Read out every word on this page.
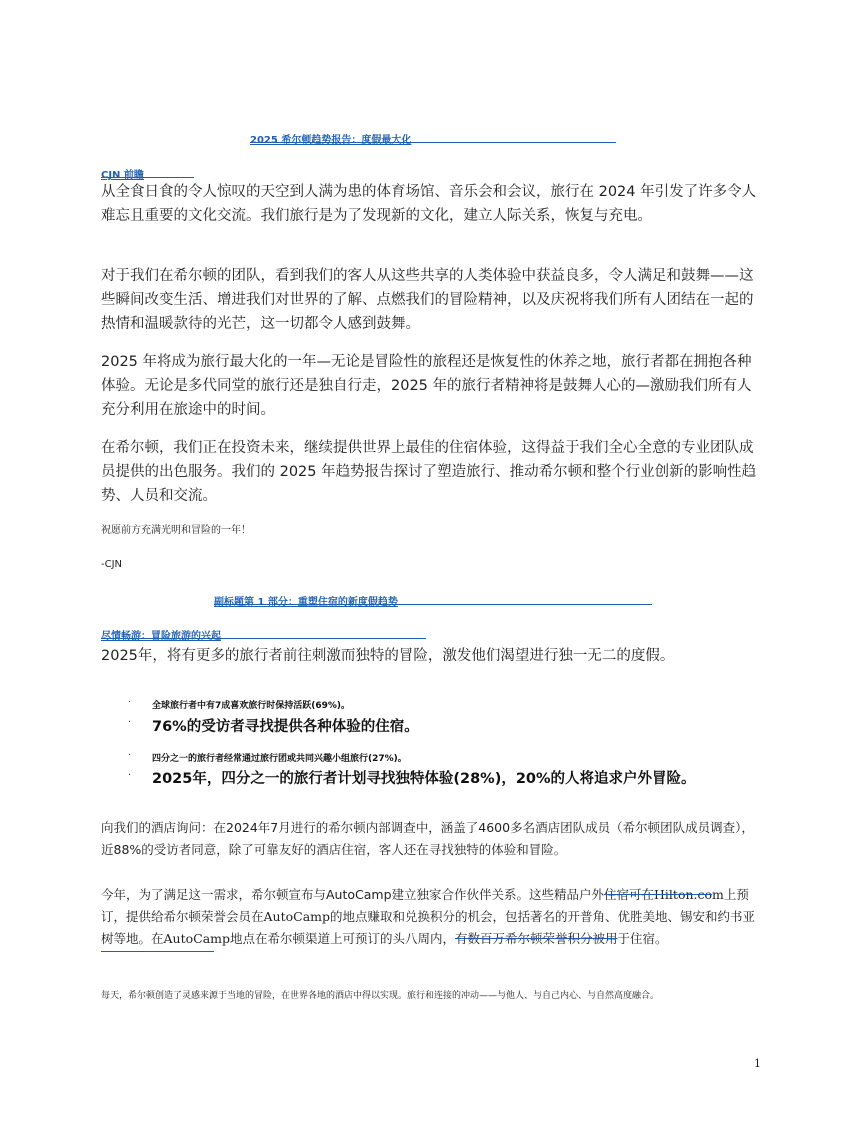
2025 希尔顿趋势报告：度假最大化
CJN 前瞻
从全食日食的令人惊叹的天空到人满为患的体育场馆、音乐会和会议，旅行在 2024 年引发了许多令人难忘且重要的文化交流。我们旅行是为了发现新的文化，建立人际关系，恢复与充电。
对于我们在希尔顿的团队，看到我们的客人从这些共享的人类体验中获益良多，令人满足和鼓舞——这些瞬间改变生活、增进我们对世界的了解、点燃我们的冒险精神，以及庆祝将我们所有人团结在一起的热情和温暖款待的光芒，这一切都令人感到鼓舞。
2025 年将成为旅行最大化的一年—无论是冒险性的旅程还是恢复性的休养之地，旅行者都在拥抱各种体验。无论是多代同堂的旅行还是独自行走，2025 年的旅行者精神将是鼓舞人心的—激励我们所有人充分利用在旅途中的时间。
在希尔顿，我们正在投资未来，继续提供世界上最佳的住宿体验，这得益于我们全心全意的专业团队成员提供的出色服务。我们的 2025 年趋势报告探讨了塑造旅行、推动希尔顿和整个行业创新的影响性趋势、人员和交流。
祝愿前方充满光明和冒险的一年！
-CJN
副标题第 1 部分：重塑住宿的新度假趋势
尽情畅游：冒险旅游的兴起
2025年，将有更多的旅行者前往刺激而独特的冒险，激发他们渴望进行独一无二的度假。
· 全球旅行者中有7成喜欢旅行时保持活跃(69%)。
· 76%的受访者寻找提供各种体验的住宿。
· 四分之一的旅行者经常通过旅行团或共同兴趣小组旅行(27%)。
· 2025年，四分之一的旅行者计划寻找独特体验(28%)，20%的人将追求户外冒险。
向我们的酒店询问：在2024年7月进行的希尔顿内部调查中，涵盖了4600多名酒店团队成员（希尔顿团队成员调查），近88%的受访者同意，除了可靠友好的酒店住宿，客人还在寻找独特的体验和冒险。
今年，为了满足这一需求，希尔顿宣布与AutoCamp建立独家合作伙伴关系。这些精品户外住宿可在Hilton.com上预订，提供给希尔顿荣誉会员在AutoCamp的地点赚取和兑换积分的机会，包括著名的开普角、优胜美地、锡安和约书亚树等地。在AutoCamp地点在希尔顿渠道上可预订的头八周内，有数百万希尔顿荣誉积分被用于住宿。
每天，希尔顿创造了灵感来源于当地的冒险，在世界各地的酒店中得以实现。旅行和连接的冲动——与他人、与自己内心、与自然高度融合。
1
